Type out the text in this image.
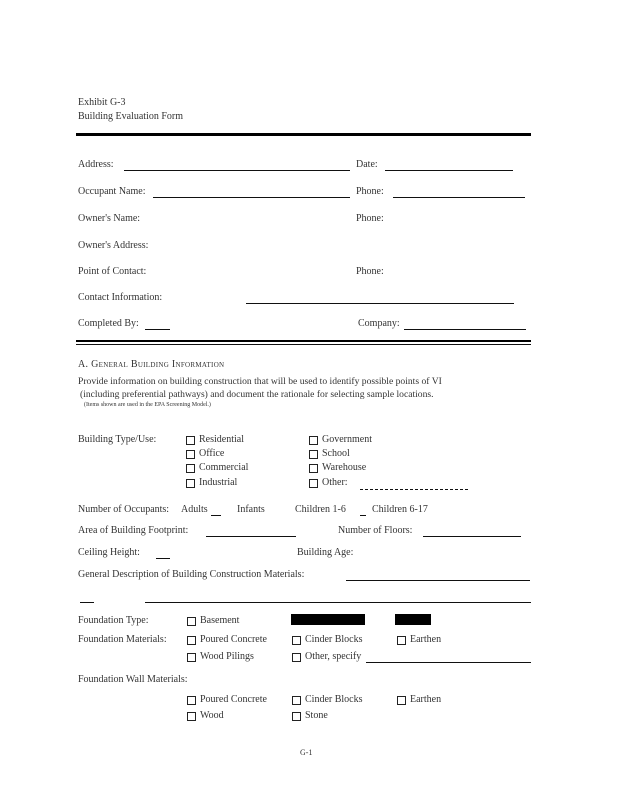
Exhibit G-3
Building Evaluation Form
Address:	Date:
Occupant Name:	Phone:
Owner's Name:	Phone:
Owner's Address:
Point of Contact:	Phone:
Contact Information:
Completed By:	Company:
A. General Building Information
Provide information on building construction that will be used to identify possible points of VI
(including preferential pathways) and document the rationale for selecting sample locations.
(Items shown are used in the EPA Screening Model.)
Building Type/Use:	Residential
Office
Commercial
Industrial
Government
School
Warehouse
Other:
Number of Occupants: Adults	Infants	Children 1-6	Children 6-17
Area of Building Footprint:	Number of Floors:
Ceiling Height:	Building Age:
General Description of Building Construction Materials:
Foundation Type:	Basement
Foundation Materials:	Poured Concrete	Cinder Blocks	Earthen
Wood Pilings	Other, specify
Foundation Wall Materials:
Poured Concrete	Cinder Blocks	Earthen
Wood	Stone
G-1
